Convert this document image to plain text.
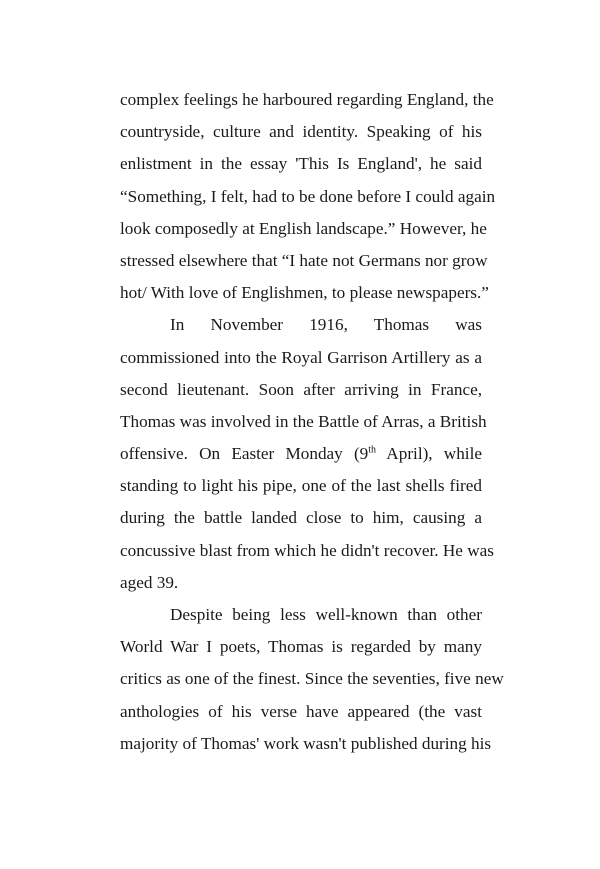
complex feelings he harboured regarding England, the
countryside, culture and identity. Speaking of his
enlistment in the essay 'This Is England', he said
“Something, I felt, had to be done before I could again
look composedly at English landscape.” However, he
stressed elsewhere that “I hate not Germans nor grow
hot/ With love of Englishmen, to please newspapers.”
In November 1916, Thomas was
commissioned into the Royal Garrison Artillery as a
second lieutenant. Soon after arriving in France,
Thomas was involved in the Battle of Arras, a British
offensive. On Easter Monday (9th April), while
standing to light his pipe, one of the last shells fired
during the battle landed close to him, causing a
concussive blast from which he didn't recover. He was
aged 39.
Despite being less well-known than other
World War I poets, Thomas is regarded by many
critics as one of the finest. Since the seventies, five new
anthologies of his verse have appeared (the vast
majority of Thomas' work wasn't published during his
